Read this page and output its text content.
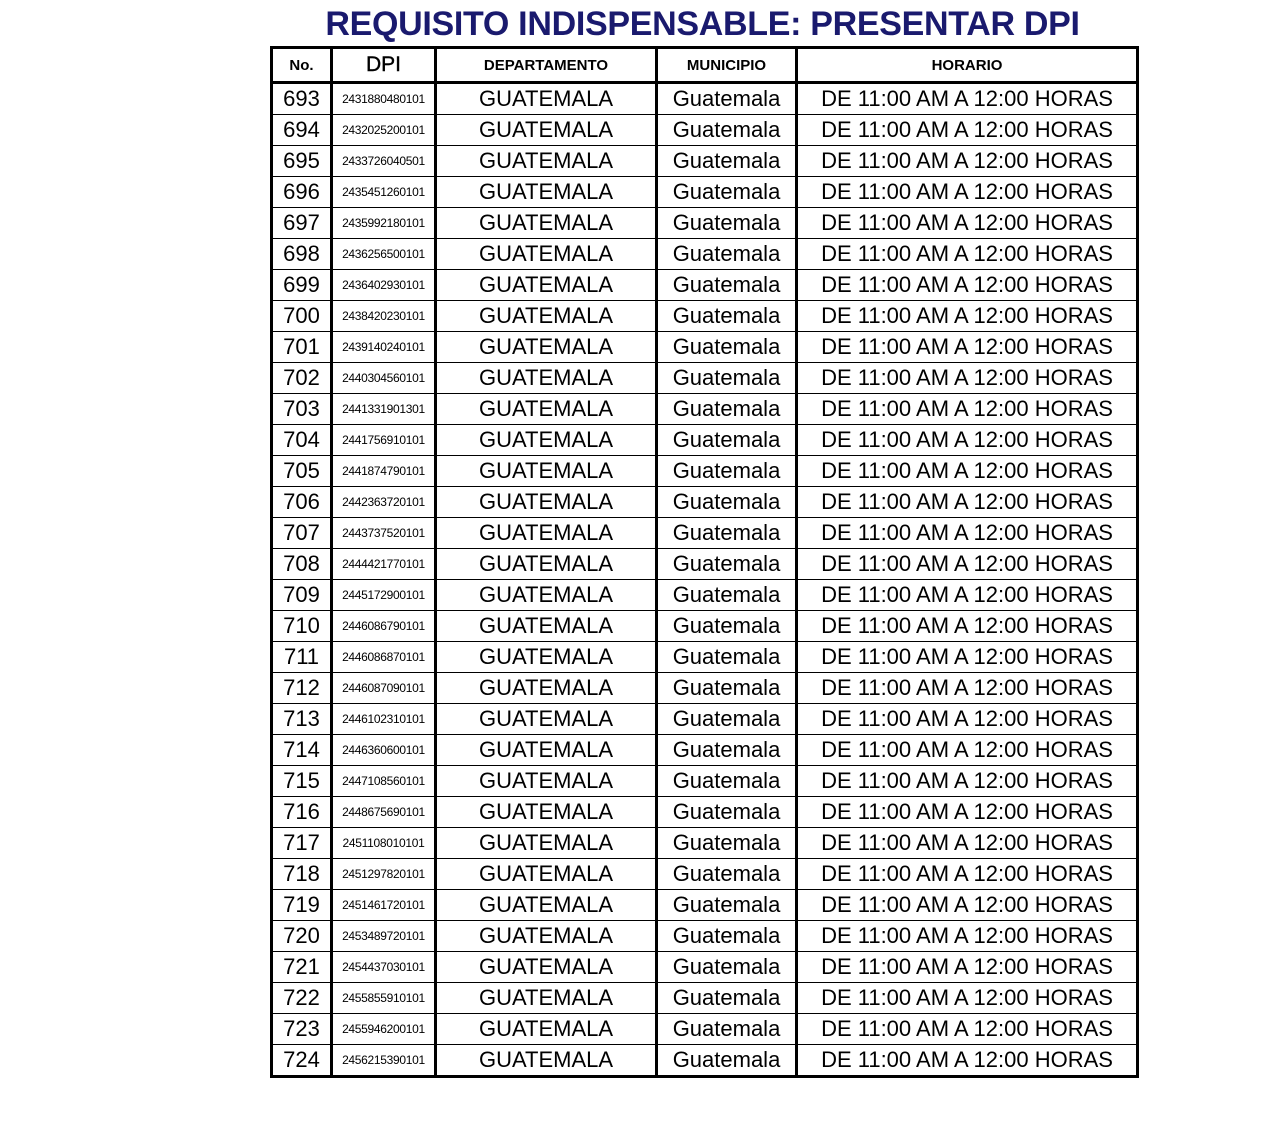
REQUISITO INDISPENSABLE: PRESENTAR DPI
No.	DPI	DEPARTAMENTO	MUNICIPIO	HORARIO
693	2431880480101	GUATEMALA	Guatemala	DE 11:00 AM A 12:00 HORAS
694	2432025200101	GUATEMALA	Guatemala	DE 11:00 AM A 12:00 HORAS
695	2433726040501	GUATEMALA	Guatemala	DE 11:00 AM A 12:00 HORAS
696	2435451260101	GUATEMALA	Guatemala	DE 11:00 AM A 12:00 HORAS
697	2435992180101	GUATEMALA	Guatemala	DE 11:00 AM A 12:00 HORAS
698	2436256500101	GUATEMALA	Guatemala	DE 11:00 AM A 12:00 HORAS
699	2436402930101	GUATEMALA	Guatemala	DE 11:00 AM A 12:00 HORAS
700	2438420230101	GUATEMALA	Guatemala	DE 11:00 AM A 12:00 HORAS
701	2439140240101	GUATEMALA	Guatemala	DE 11:00 AM A 12:00 HORAS
702	2440304560101	GUATEMALA	Guatemala	DE 11:00 AM A 12:00 HORAS
703	2441331901301	GUATEMALA	Guatemala	DE 11:00 AM A 12:00 HORAS
704	2441756910101	GUATEMALA	Guatemala	DE 11:00 AM A 12:00 HORAS
705	2441874790101	GUATEMALA	Guatemala	DE 11:00 AM A 12:00 HORAS
706	2442363720101	GUATEMALA	Guatemala	DE 11:00 AM A 12:00 HORAS
707	2443737520101	GUATEMALA	Guatemala	DE 11:00 AM A 12:00 HORAS
708	2444421770101	GUATEMALA	Guatemala	DE 11:00 AM A 12:00 HORAS
709	2445172900101	GUATEMALA	Guatemala	DE 11:00 AM A 12:00 HORAS
710	2446086790101	GUATEMALA	Guatemala	DE 11:00 AM A 12:00 HORAS
711	2446086870101	GUATEMALA	Guatemala	DE 11:00 AM A 12:00 HORAS
712	2446087090101	GUATEMALA	Guatemala	DE 11:00 AM A 12:00 HORAS
713	2446102310101	GUATEMALA	Guatemala	DE 11:00 AM A 12:00 HORAS
714	2446360600101	GUATEMALA	Guatemala	DE 11:00 AM A 12:00 HORAS
715	2447108560101	GUATEMALA	Guatemala	DE 11:00 AM A 12:00 HORAS
716	2448675690101	GUATEMALA	Guatemala	DE 11:00 AM A 12:00 HORAS
717	2451108010101	GUATEMALA	Guatemala	DE 11:00 AM A 12:00 HORAS
718	2451297820101	GUATEMALA	Guatemala	DE 11:00 AM A 12:00 HORAS
719	2451461720101	GUATEMALA	Guatemala	DE 11:00 AM A 12:00 HORAS
720	2453489720101	GUATEMALA	Guatemala	DE 11:00 AM A 12:00 HORAS
721	2454437030101	GUATEMALA	Guatemala	DE 11:00 AM A 12:00 HORAS
722	2455855910101	GUATEMALA	Guatemala	DE 11:00 AM A 12:00 HORAS
723	2455946200101	GUATEMALA	Guatemala	DE 11:00 AM A 12:00 HORAS
724	2456215390101	GUATEMALA	Guatemala	DE 11:00 AM A 12:00 HORAS
